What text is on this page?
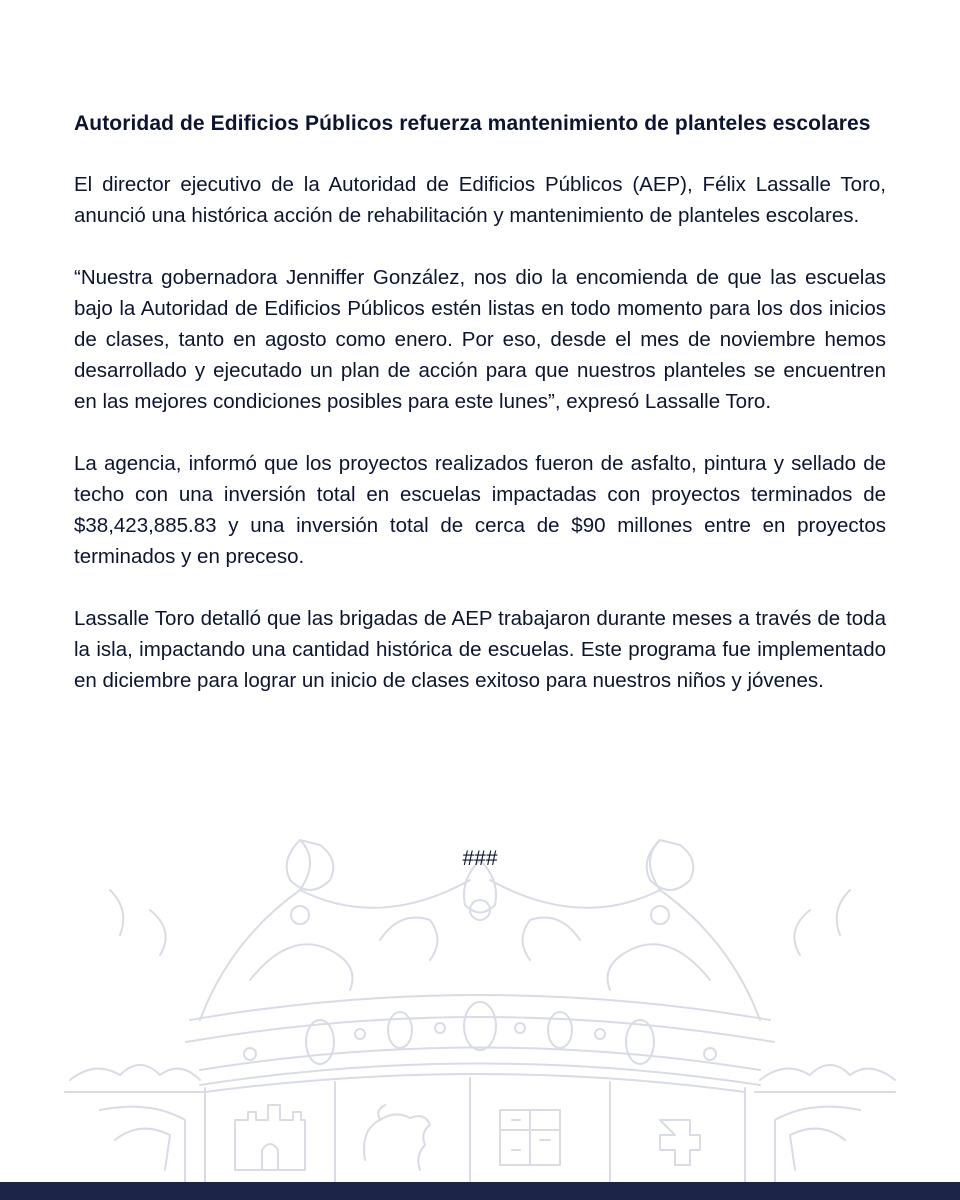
Autoridad de Edificios Públicos refuerza mantenimiento de planteles escolares

El director ejecutivo de la Autoridad de Edificios Públicos (AEP), Félix Lassalle Toro, anunció una histórica acción de rehabilitación y mantenimiento de planteles escolares.

“Nuestra gobernadora Jenniffer González, nos dio la encomienda de que las escuelas bajo la Autoridad de Edificios Públicos estén listas en todo momento para los dos inicios de clases, tanto en agosto como enero. Por eso, desde el mes de noviembre hemos desarrollado y ejecutado un plan de acción para que nuestros planteles se encuentren en las mejores condiciones posibles para este lunes”, expresó Lassalle Toro.

La agencia, informó que los proyectos realizados fueron de asfalto, pintura y sellado de techo con una inversión total en escuelas impactadas con proyectos terminados de $38,423,885.83 y una inversión total de cerca de $90 millones entre en proyectos terminados y en preceso.

Lassalle Toro detalló que las brigadas de AEP trabajaron durante meses a través de toda la isla, impactando una cantidad histórica de escuelas. Este programa fue implementado en diciembre para lograr un inicio de clases exitoso para nuestros niños y jóvenes.

###
